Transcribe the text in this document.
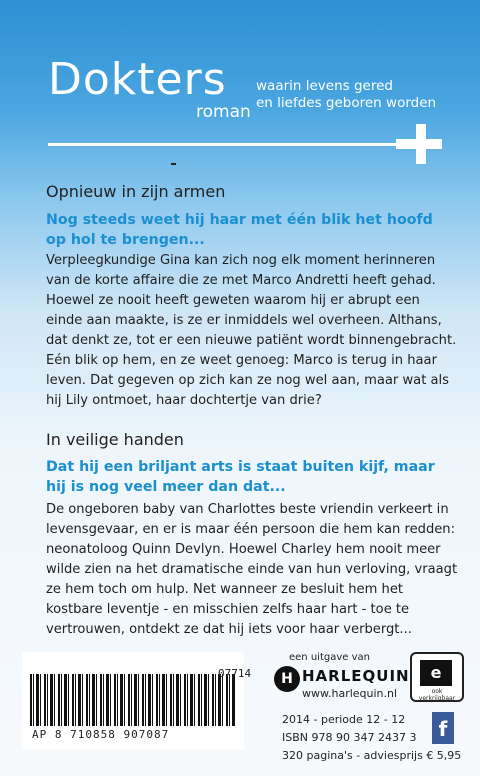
Dokters
roman
waarin levens gered
en liefdes geboren worden
Opnieuw in zijn armen
Nog steeds weet hij haar met één blik het hoofd op hol te brengen...
Verpleegkundige Gina kan zich nog elk moment herinneren van de korte affaire die ze met Marco Andretti heeft gehad. Hoewel ze nooit heeft geweten waarom hij er abrupt een einde aan maakte, is ze er inmiddels wel overheen. Althans, dat denkt ze, tot er een nieuwe patiënt wordt binnengebracht. Eén blik op hem, en ze weet genoeg: Marco is terug in haar leven. Dat gegeven op zich kan ze nog wel aan, maar wat als hij Lily ontmoet, haar dochtertje van drie?
In veilige handen
Dat hij een briljant arts is staat buiten kijf, maar hij is nog veel meer dan dat...
De ongeboren baby van Charlottes beste vriendin verkeert in levensgevaar, en er is maar één persoon die hem kan redden: neonatoloog Quinn Devlyn. Hoewel Charley hem nooit meer wilde zien na het dramatische einde van hun verloving, vraagt ze hem toch om hulp. Net wanneer ze besluit hem het kostbare leventje - en misschien zelfs haar hart - toe te vertrouwen, ontdekt ze dat hij iets voor haar verbergt...
07714
AP 8 710858 907087
een uitgave van
H HARLEQUIN
www.harlequin.nl
e
ook verkrijgbaar
2014 - periode 12 - 12
ISBN 978 90 347 2437 3
320 pagina's - adviesprijs € 5,95
f
